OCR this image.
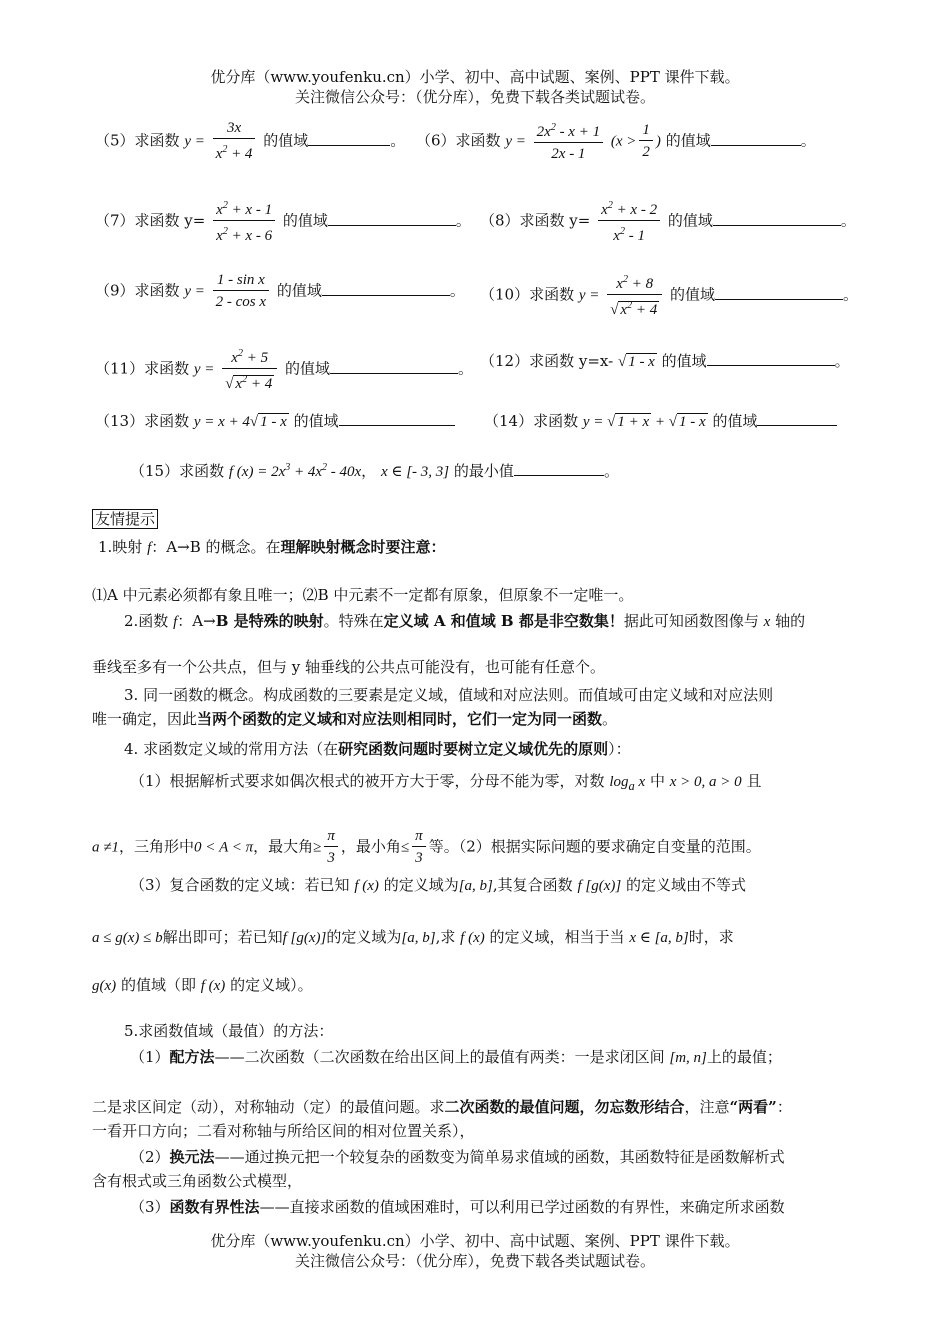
优分库（www.youfenku.cn）小学、初中、高中试题、案例、PPT 课件下载。
关注微信公众号：（优分库），免费下载各类试题试卷。
（5）求函数 $y = \frac{3x}{x^2 + 4}$ 的值域	。 （6）求函数 $y = \frac{2x^2 - x + 1}{2x - 1} (x > \frac{1}{2}$ ) 的值域	。
（7）求函数 $y= \frac{x^2 + x - 1}{x^2 + x - 6}$ 的值域	。 （8）求函数 $y= \frac{x^2 + x - 2}{x^2 - 1}$ 的值域	。
（9）求函数 $y = \frac{\text{1 - sin x}}{\text{2 - cos x}}$ 的值域	。 （10）求函数 $y = \frac{x^2 + 8}{√ x^2 + 4}$ 的值域	。
（11）求函数 $y = \frac{x^2 + 5}{√ x^2 + 4}$ 的值域	。 （12）求函数 y=x- √ 1 - x 的值域	。
（13）求函数 y = x + 4√ 1 - x 的值域	（14）求函数 y = √ 1 + x + √ 1 - x 的值域
（15）求函数 f $(x) = 2x^3 + 4x^2 - 40x$， x ∈ [- 3, 3] 的最小值	。
友情提示
1.映射 f：A→B 的概念。在理解映射概念时要注意：
⑴A 中元素必须都有象且唯一；⑵B 中元素不一定都有原象，但原象不一定唯一。
2.函数 f：A→B 是特殊的映射。特殊在定义域 A 和值域 B 都是非空数集！据此可知函数图像与 x 轴的
垂线至多有一个公共点，但与 y 轴垂线的公共点可能没有，也可能有任意个。
3. 同一函数的概念。构成函数的三要素是定义域，值域和对应法则。而值域可由定义域和对应法则
唯一确定，因此当两个函数的定义域和对应法则相同时，它们一定为同一函数。
4. 求函数定义域的常用方法（在研究函数问题时要树立定义域优先的原则）：
（1）根据解析式要求如偶次根式的被开方大于零，分母不能为零，对数 $\log_a x$ 中 x > 0, a > 0 且
a ≠1，三角形中0 < A < π，最大角≥ $\frac{\pi}{3}$ ，最小角≤ $\frac{\pi}{3}$ 等。（2）根据实际问题的要求确定自变量的范围。
（3）复合函数的定义域：若已知 f (x) 的定义域为[a, b],其复合函数 f [g(x)] 的定义域由不等式
a ≤ g(x) ≤ b解出即可；若已知f [g(x)]的定义域为[a, b],求 f (x) 的定义域，相当于当 x ∈ [a, b]时，求
g(x) 的值域（即 f (x) 的定义域）。
5.求函数值域（最值）的方法：
（1）配方法——二次函数（二次函数在给出区间上的最值有两类：一是求闭区间 [m, n]上的最值；
二是求区间定（动），对称轴动（定）的最值问题。求二次函数的最值问题，勿忘数形结合，注意“两看”：
一看开口方向；二看对称轴与所给区间的相对位置关系），
（2）换元法——通过换元把一个较复杂的函数变为简单易求值域的函数，其函数特征是函数解析式
含有根式或三角函数公式模型，
（3）函数有界性法——直接求函数的值域困难时，可以利用已学过函数的有界性，来确定所求函数
优分库（www.youfenku.cn）小学、初中、高中试题、案例、PPT 课件下载。
关注微信公众号：（优分库），免费下载各类试题试卷。
